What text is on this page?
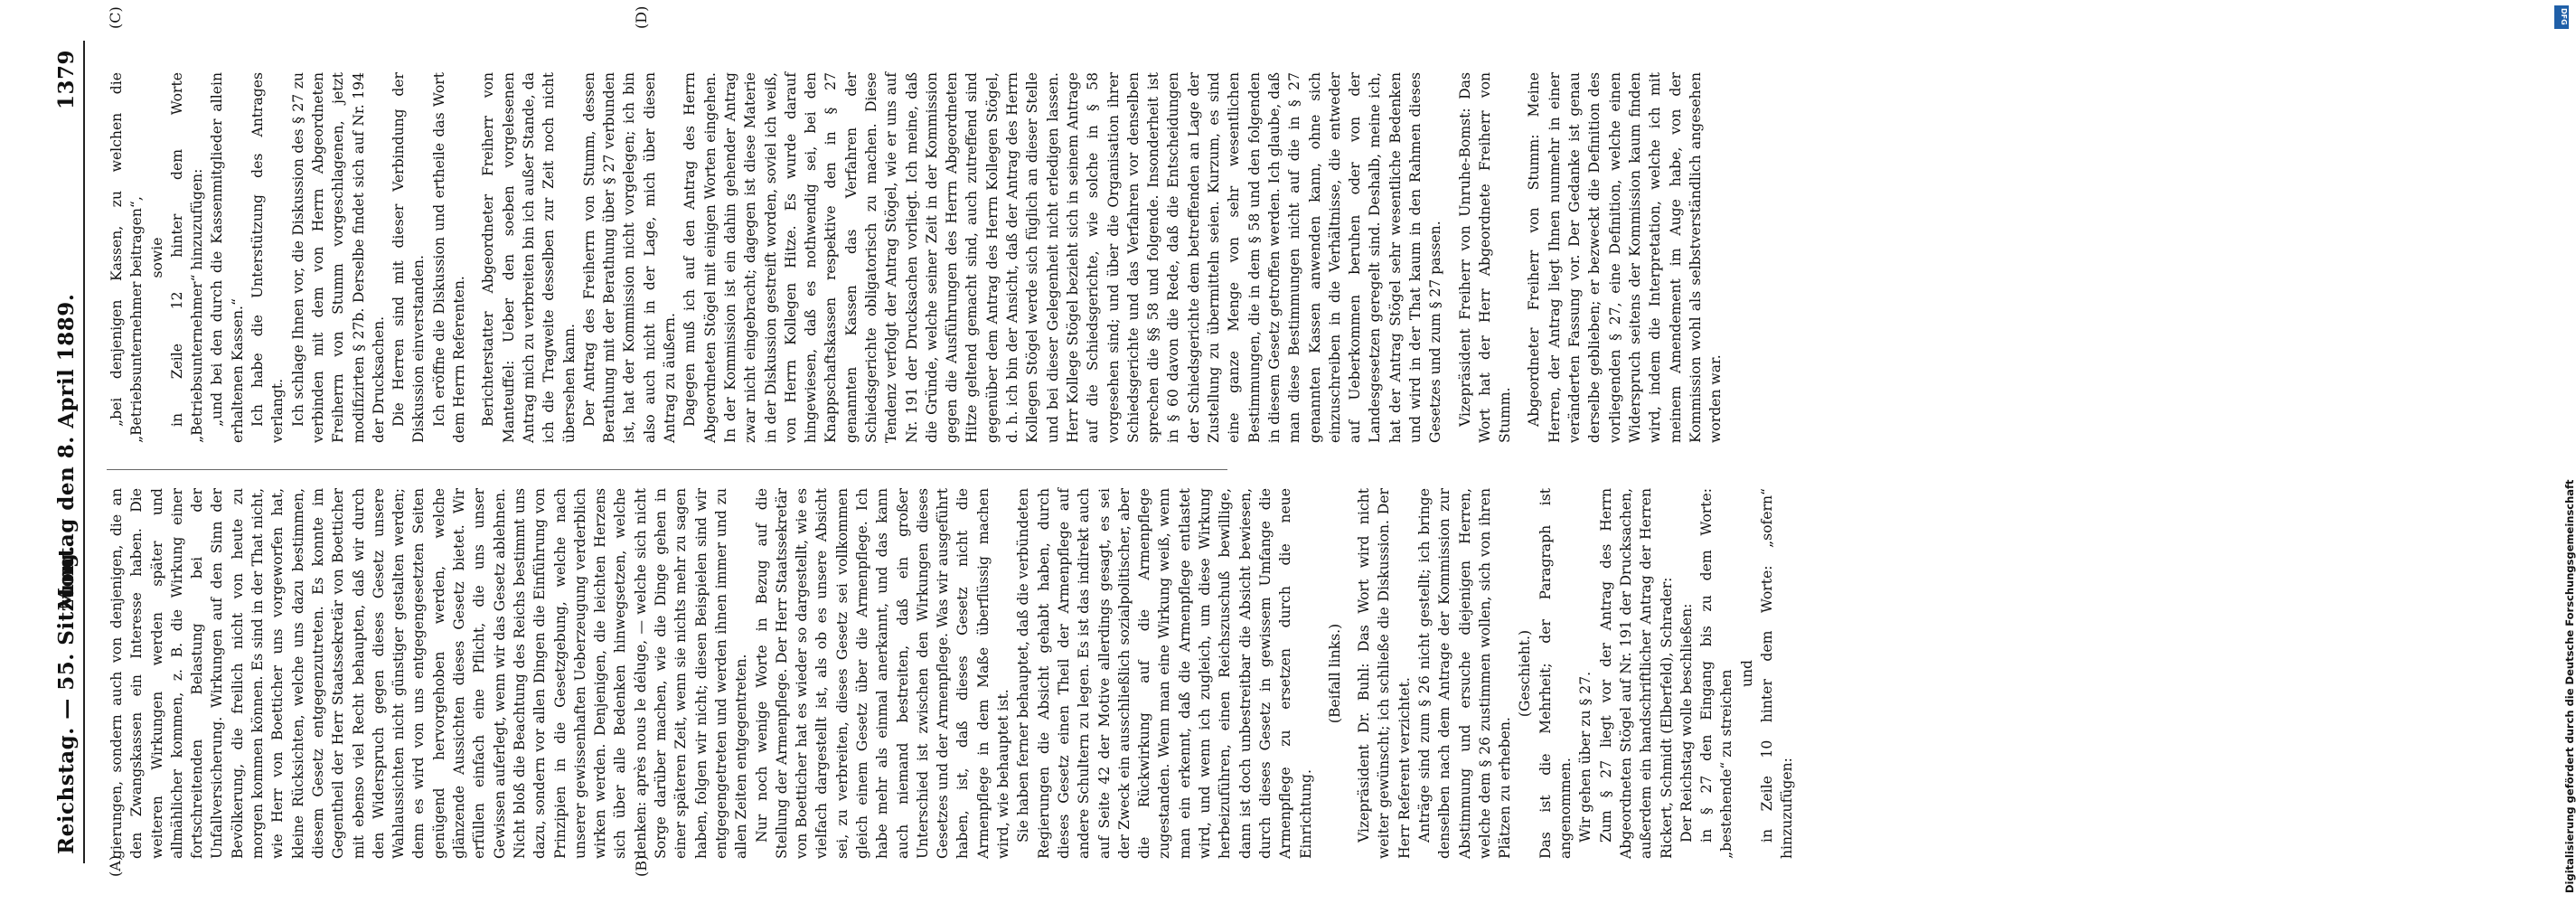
DFG
Digitalisierung gefördert durch die Deutsche Forschungsgemeinschaft
Reichstag. — 55. Sitzung.
Montag den 8. April 1889.
1379
(A)	(B)
(C)	(D)

gierungen, sondern auch von denjenigen, die an den Zwangskassen ein Interesse haben. Die weiteren Wirkungen werden später und allmählicher kommen, z. B. die Wirkung einer fortschreitenden Belastung bei der Unfallversicherung. Wirkungen auf den Sinn der Bevölkerung, die freilich nicht von heute zu morgen kommen können. Es sind in der That nicht, wie Herr von Boetticher uns vorgeworfen hat, kleine Rücksichten, welche uns dazu bestimmen, diesem Gesetz entgegenzutreten. Es konnte im Gegentheil der Herr Staatssekretär von Boetticher mit ebenso viel Recht behaupten, daß wir durch den Widerspruch gegen dieses Gesetz unsere Wahlaussichten nicht günstiger gestalten werden; denn es wird von uns entgegengesetzten Seiten genügend hervorgehoben werden, welche glänzende Aussichten dieses Gesetz bietet. Wir erfüllen einfach eine Pflicht, die uns unser Gewissen auferlegt, wenn wir das Gesetz ablehnen. Nicht bloß die Beachtung des Reichs bestimmt uns dazu, sondern vor allen Dingen die Einführung von Prinzipien in die Gesetzgebung, welche nach unserer gewissenhaften Ueberzeugung verderblich wirken werden. Denjenigen, die leichten Herzens sich über alle Bedenken hinwegsetzen, welche denken: après nous le déluge, — welche sich nicht Sorge darüber machen, wie die Dinge gehen in einer späteren Zeit, wenn sie nichts mehr zu sagen haben, folgen wir nicht; diesen Beispielen sind wir entgegengetreten und werden ihnen immer und zu allen Zeiten entgegentreten. Nur noch wenige Worte in Bezug auf die Stellung der Armenpflege. Der Herr Staatssekretär von Boetticher hat es wieder so dargestellt, wie es vielfach dargestellt ist, als ob es unsere Absicht sei, zu verbreiten, dieses Gesetz sei vollkommen gleich einem Gesetz über die Armenpflege. Ich habe mehr als einmal anerkannt, und das kann auch niemand bestreiten, daß ein großer Unterschied ist zwischen den Wirkungen dieses Gesetzes und der Armenpflege. Was wir ausgeführt haben, ist, daß dieses Gesetz nicht die Armenpflege in dem Maße überflüssig machen wird, wie behauptet ist. Sie haben ferner behauptet, daß die verbündeten Regierungen die Absicht gehabt haben, durch dieses Gesetz einen Theil der Armenpflege auf andere Schultern zu legen. Es ist das indirekt auch auf Seite 42 der Motive allerdings gesagt, es sei der Zweck ein ausschließlich sozialpolitischer, aber die Rückwirkung auf die Armenpflege zugestanden. Wenn man eine Wirkung weiß, wenn man ein erkennt, daß die Armenpflege entlastet wird, und wenn ich zugleich, um diese Wirkung herbeizuführen, einen Reichszuschuß bewillige, dann ist doch unbestreitbar die Absicht bewiesen, durch dieses Gesetz in gewissem Umfange die Armenpflege zu ersetzen durch die neue Einrichtung.

(Beifall links.) Vizepräsident Dr. Buhl: Das Wort wird nicht weiter gewünscht; ich schließe die Diskussion. Der Herr Referent verzichtet. Anträge sind zum § 26 nicht gestellt; ich bringe denselben nach dem Antrage der Kommission zur Abstimmung und ersuche diejenigen Herren, welche dem § 26 zustimmen wollen, sich von ihren Plätzen zu erheben.

(Geschieht.) Das ist die Mehrheit; der Paragraph ist angenommen. Wir gehen über zu § 27. Zum § 27 liegt vor der Antrag des Herrn Abgeordneten Stögel auf Nr. 191 der Drucksachen, außerdem ein handschriftlicher Antrag der Herren Rickert, Schmidt (Elberfeld), Schrader: Der Reichstag wolle beschließen: in § 27 den Eingang bis zu dem Worte: „bestehende“ zu streichen und in Zeile 10 hinter dem Worte: „sofern“ hinzuzufügen:

„bei denjenigen Kassen, zu welchen die „Betriebsunternehmer beitragen“, sowie in Zeile 12 hinter dem Worte „Betriebsunternehmer“ hinzuzufügen: „und bei den durch die Kassenmitglieder allein erhaltenen Kassen.“ Ich habe die Unterstützung des Antrages verlangt. Ich schlage Ihnen vor, die Diskussion des § 27 zu verbinden mit dem von Herrn Abgeordneten Freiherrn von Stumm vorgeschlagenen, jetzt modifizirten § 27b. Derselbe findet sich auf Nr. 194 der Drucksachen. Die Herren sind mit dieser Verbindung der Diskussion einverstanden. Ich eröffne die Diskussion und ertheile das Wort dem Herrn Referenten. Berichterstatter Abgeordneter Freiherr von Manteuffel: Ueber den soeben vorgelesenen Antrag mich zu verbreiten bin ich außer Stande, da ich die Tragweite desselben zur Zeit noch nicht übersehen kann. Der Antrag des Freiherrn von Stumm, dessen Berathung mit der Berathung über § 27 verbunden ist, hat der Kommission nicht vorgelegen; ich bin also auch nicht in der Lage, mich über diesen Antrag zu äußern. Dagegen muß ich auf den Antrag des Herrn Abgeordneten Stögel mit einigen Worten eingehen. In der Kommission ist ein dahin gehender Antrag zwar nicht eingebracht; dagegen ist diese Materie in der Diskussion gestreift worden, soviel ich weiß, von Herrn Kollegen Hitze. Es wurde darauf hingewiesen, daß es nothwendig sei, bei den Knappschaftskassen respektive den in § 27 genannten Kassen das Verfahren der Schiedsgerichte obligatorisch zu machen. Diese Tendenz verfolgt der Antrag Stögel, wie er uns auf Nr. 191 der Drucksachen vorliegt. Ich meine, daß die Gründe, welche seiner Zeit in der Kommission gegen die Ausführungen des Herrn Abgeordneten Hitze geltend gemacht sind, auch zutreffend sind gegenüber dem Antrag des Herrn Kollegen Stögel, d. h. ich bin der Ansicht, daß der Antrag des Herrn Kollegen Stögel werde sich füglich an dieser Stelle und bei dieser Gelegenheit nicht erledigen lassen. Herr Kollege Stögel bezieht sich in seinem Antrage auf die Schiedsgerichte, wie solche in § 58 vorgesehen sind; und über die Organisation ihrer Schiedsgerichte und das Verfahren vor denselben sprechen die §§ 58 und folgende. Insonderheit ist in § 60 davon die Rede, daß die Entscheidungen der Schiedsgerichte dem betreffenden an Lage der Zustellung zu übermitteln seien. Kurzum, es sind eine ganze Menge von sehr wesentlichen Bestimmungen, die in dem § 58 und den folgenden in diesem Gesetz getroffen werden. Ich glaube, daß man diese Bestimmungen nicht auf die in § 27 genannten Kassen anwenden kann, ohne sich einzuschreiben in die Verhältnisse, die entweder auf Ueberkommen beruhen oder von der Landesgesetzen geregelt sind. Deshalb, meine ich, hat der Antrag Stögel sehr wesentliche Bedenken und wird in der That kaum in den Rahmen dieses Gesetzes und zum § 27 passen. Vizepräsident Freiherr von Unruhe-Bomst: Das Wort hat der Herr Abgeordnete Freiherr von Stumm. Abgeordneter Freiherr von Stumm: Meine Herren, der Antrag liegt Ihnen nunmehr in einer veränderten Fassung vor. Der Gedanke ist genau derselbe geblieben; er bezweckt die Definition des vorliegenden § 27, eine Definition, welche einen Widerspruch seitens der Kommission kaum finden wird, indem die Interpretation, welche ich mit meinem Amendement im Auge habe, von der Kommission wohl als selbstverständlich angesehen worden war.
